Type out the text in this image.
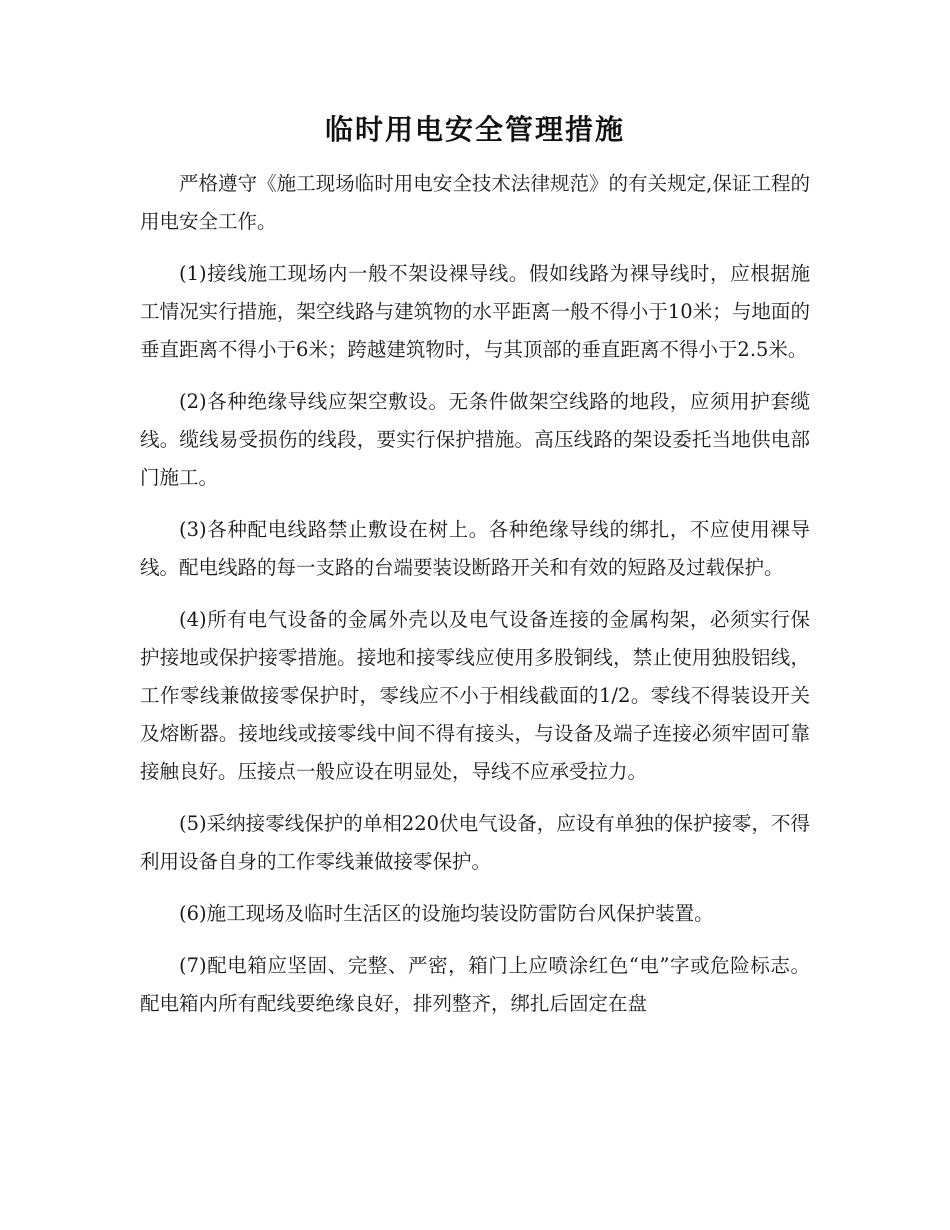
临时用电安全管理措施

严格遵守《施工现场临时用电安全技术法律规范》的有关规定,保证工程的用电安全工作。

(1)接线施工现场内一般不架设裸导线。假如线路为裸导线时，应根据施工情况实行措施，架空线路与建筑物的水平距离一般不得小于10米；与地面的垂直距离不得小于6米；跨越建筑物时，与其顶部的垂直距离不得小于2.5米。

(2)各种绝缘导线应架空敷设。无条件做架空线路的地段，应须用护套缆线。缆线易受损伤的线段，要实行保护措施。高压线路的架设委托当地供电部门施工。

(3)各种配电线路禁止敷设在树上。各种绝缘导线的绑扎，不应使用裸导线。配电线路的每一支路的台端要装设断路开关和有效的短路及过载保护。

(4)所有电气设备的金属外壳以及电气设备连接的金属构架，必须实行保护接地或保护接零措施。接地和接零线应使用多股铜线，禁止使用独股铝线，工作零线兼做接零保护时，零线应不小于相线截面的1/2。零线不得装设开关及熔断器。接地线或接零线中间不得有接头，与设备及端子连接必须牢固可靠接触良好。压接点一般应设在明显处，导线不应承受拉力。

(5)采纳接零线保护的单相220伏电气设备，应设有单独的保护接零，不得利用设备自身的工作零线兼做接零保护。

(6)施工现场及临时生活区的设施均装设防雷防台风保护装置。

(7)配电箱应坚固、完整、严密，箱门上应喷涂红色“电”字或危险标志。配电箱内所有配线要绝缘良好，排列整齐，绑扎后固定在盘
